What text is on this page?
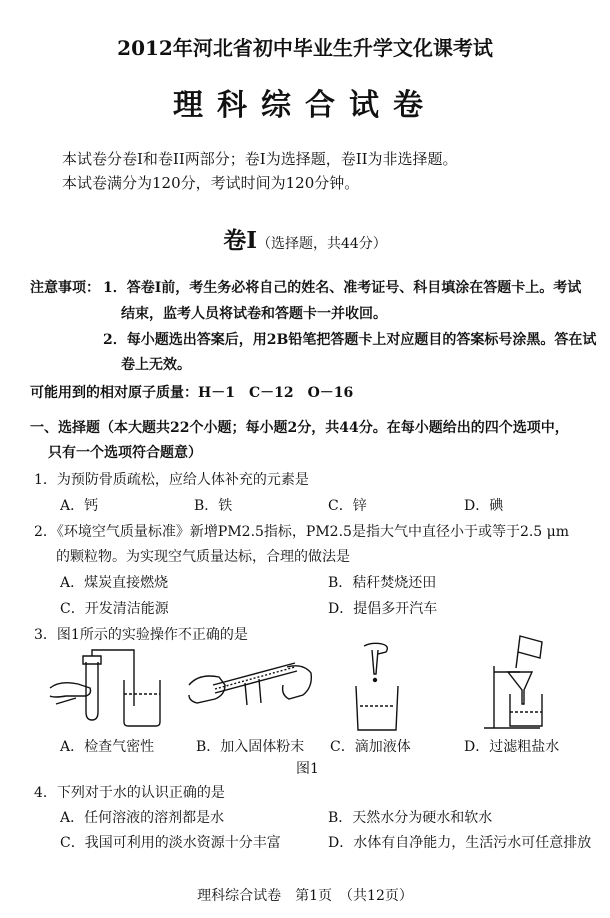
2012年河北省初中毕业生升学文化课考试
理科综合试卷
本试卷分卷I和卷II两部分；卷I为选择题，卷II为非选择题。
本试卷满分为120分，考试时间为120分钟。
卷I（选择题，共44分）
注意事项： 1．答卷I前，考生务必将自己的姓名、准考证号、科目填涂在答题卡上。考试
结束，监考人员将试卷和答题卡一并收回。
2．每小题选出答案后，用2B铅笔把答题卡上对应题目的答案标号涂黑。答在试
卷上无效。
可能用到的相对原子质量：H－1　C－12　O－16
一、选择题（本大题共22个小题；每小题2分，共44分。在每小题给出的四个选项中，
只有一个选项符合题意）
1．为预防骨质疏松，应给人体补充的元素是
A．钙	B．铁	C．锌	D．碘
2．《环境空气质量标准》新增PM2.5指标，PM2.5是指大气中直径小于或等于2.5 μm
的颗粒物。为实现空气质量达标，合理的做法是
A．煤炭直接燃烧	B．秸秆焚烧还田
C．开发清洁能源	D．提倡多开汽车
3．图1所示的实验操作不正确的是
A．检查气密性	B．加入固体粉末 C．滴加液体	D．过滤粗盐水
图1
4．下列对于水的认识正确的是
A．任何溶液的溶剂都是水	B．天然水分为硬水和软水
C．我国可利用的淡水资源十分丰富	D．水体有自净能力，生活污水可任意排放
理科综合试卷　第1页　（共12页）
